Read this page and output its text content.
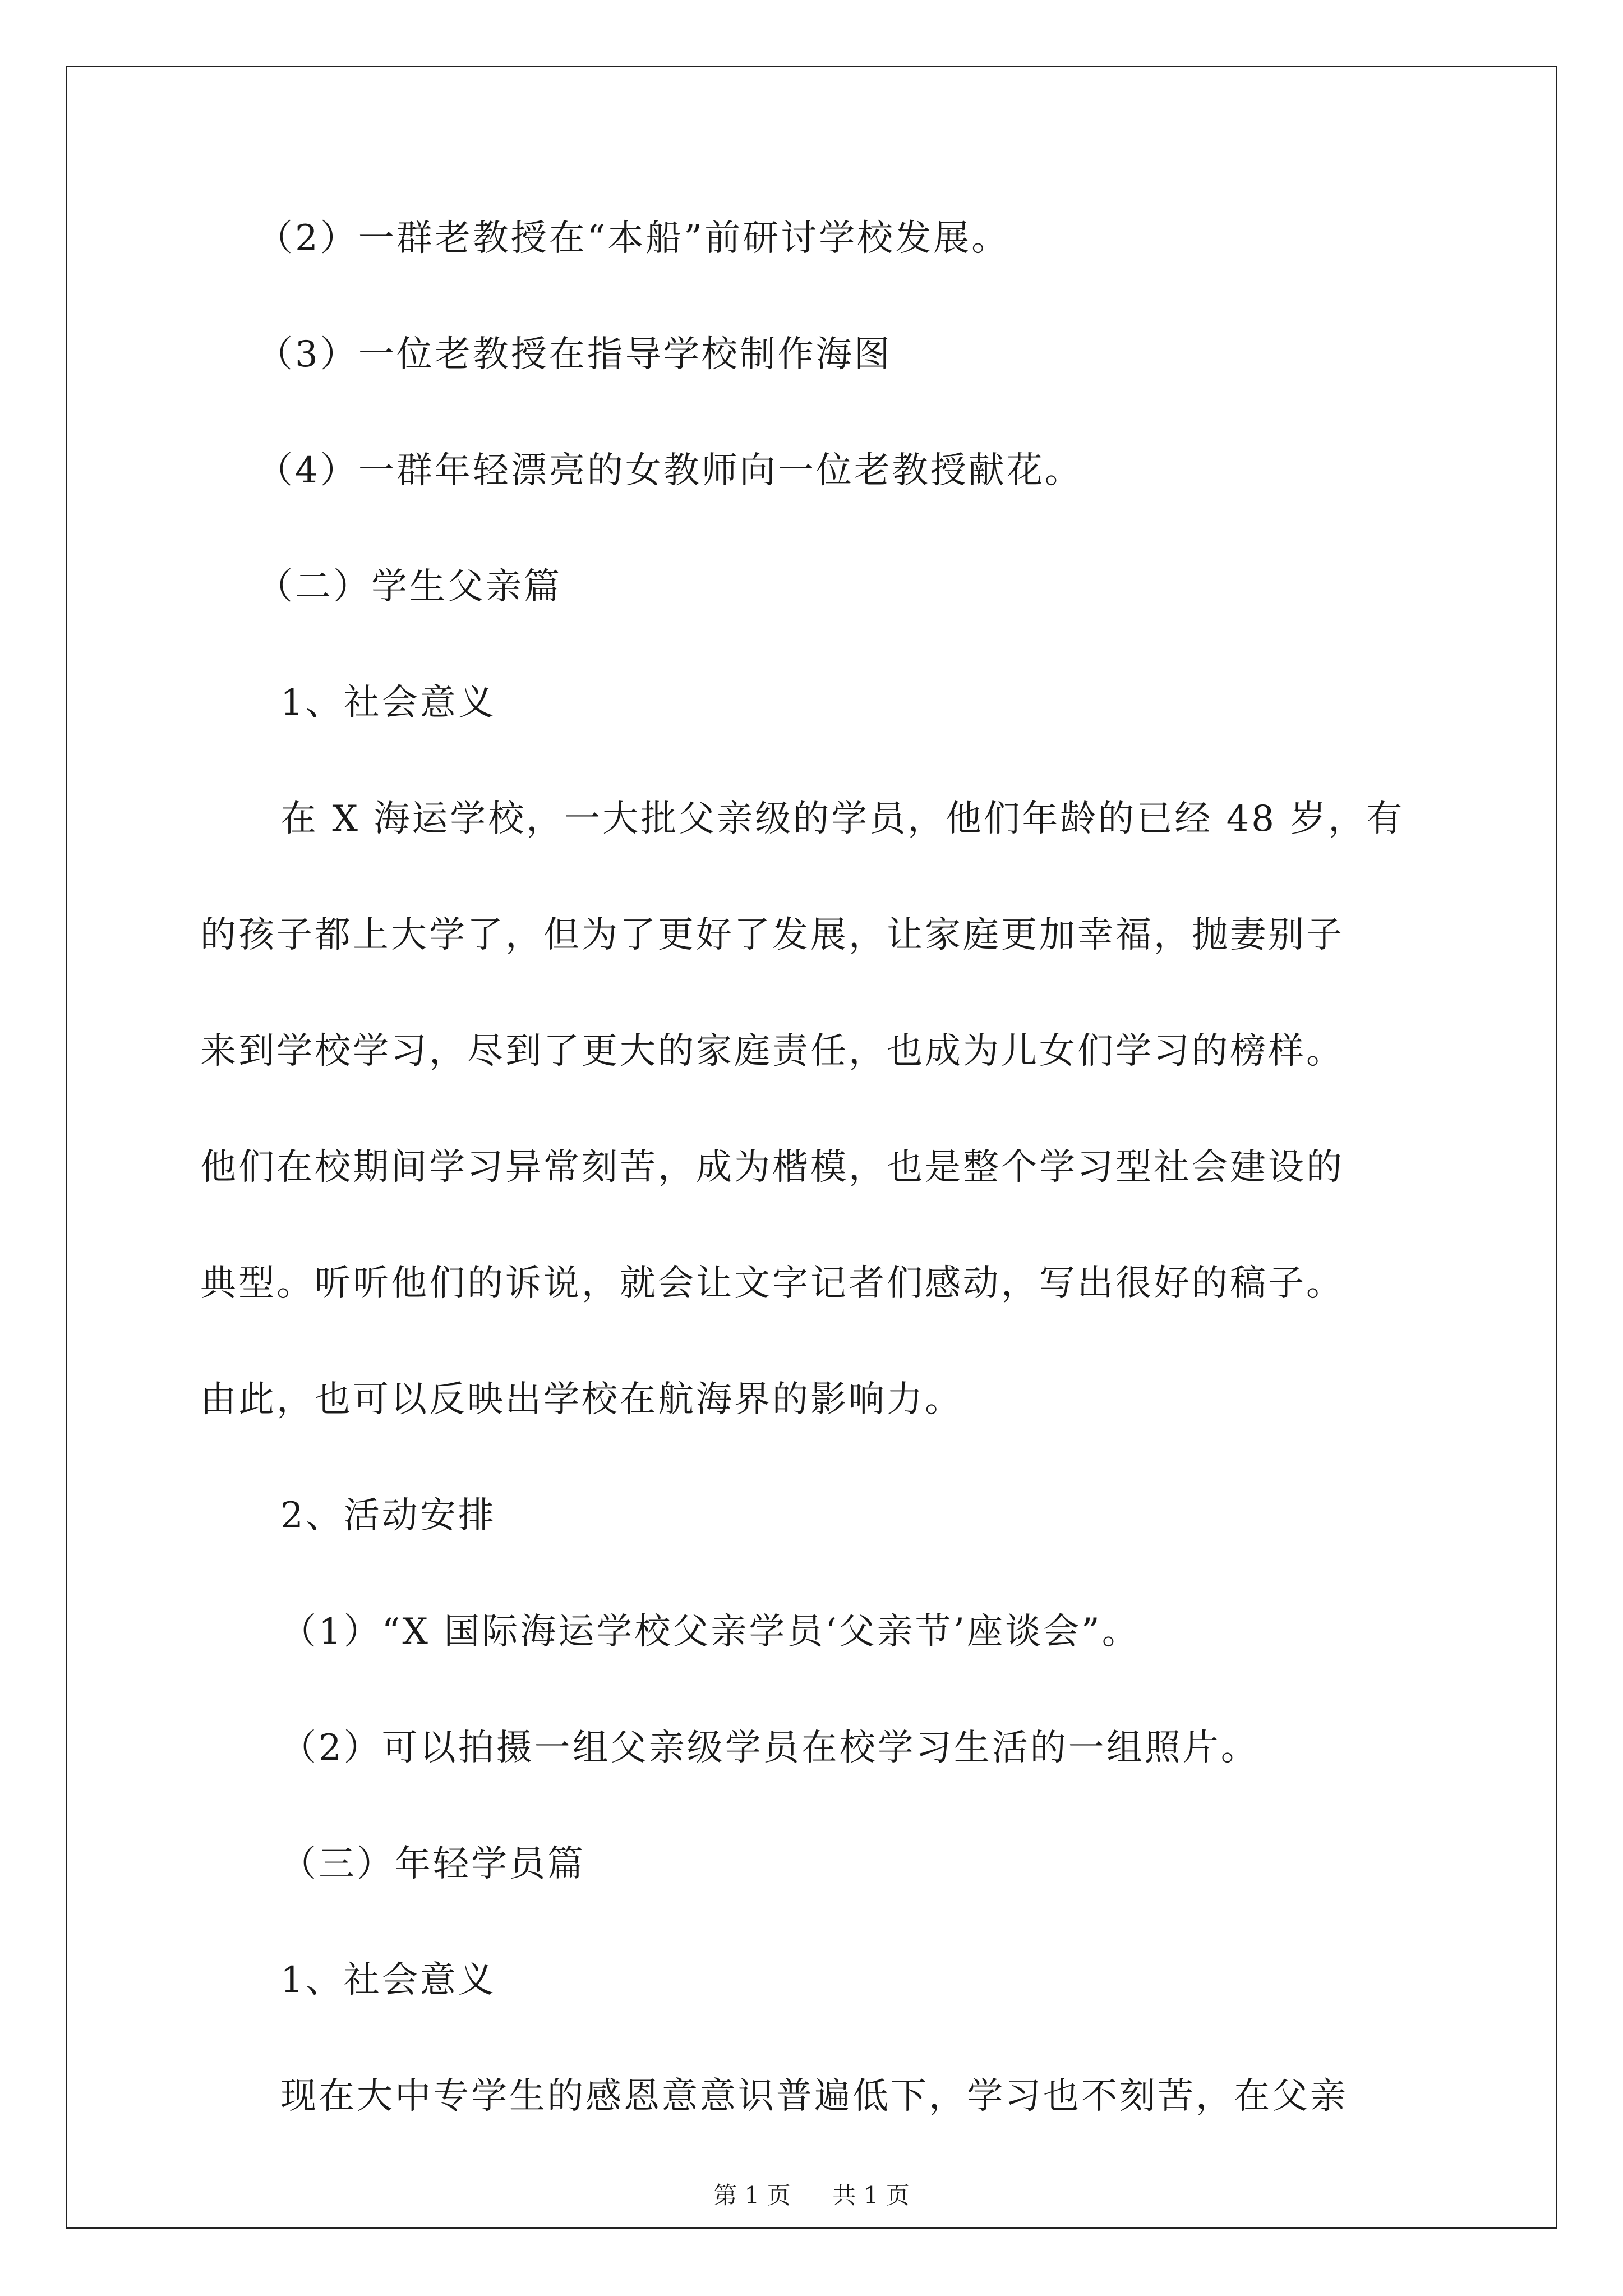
（2）一群老教授在“本船”前研讨学校发展。
（3）一位老教授在指导学校制作海图
（4）一群年轻漂亮的女教师向一位老教授献花。
（二）学生父亲篇
1、社会意义
在 X 海运学校，一大批父亲级的学员，他们年龄的已经 48 岁，有
的孩子都上大学了，但为了更好了发展，让家庭更加幸福，抛妻别子
来到学校学习，尽到了更大的家庭责任，也成为儿女们学习的榜样。
他们在校期间学习异常刻苦，成为楷模，也是整个学习型社会建设的
典型。听听他们的诉说，就会让文字记者们感动，写出很好的稿子。
由此，也可以反映出学校在航海界的影响力。
2、活动安排
（1）“X 国际海运学校父亲学员‘父亲节’座谈会”。
（2）可以拍摄一组父亲级学员在校学习生活的一组照片。
（三）年轻学员篇
1、社会意义
现在大中专学生的感恩意意识普遍低下，学习也不刻苦，在父亲
第 1 页 共 1 页
